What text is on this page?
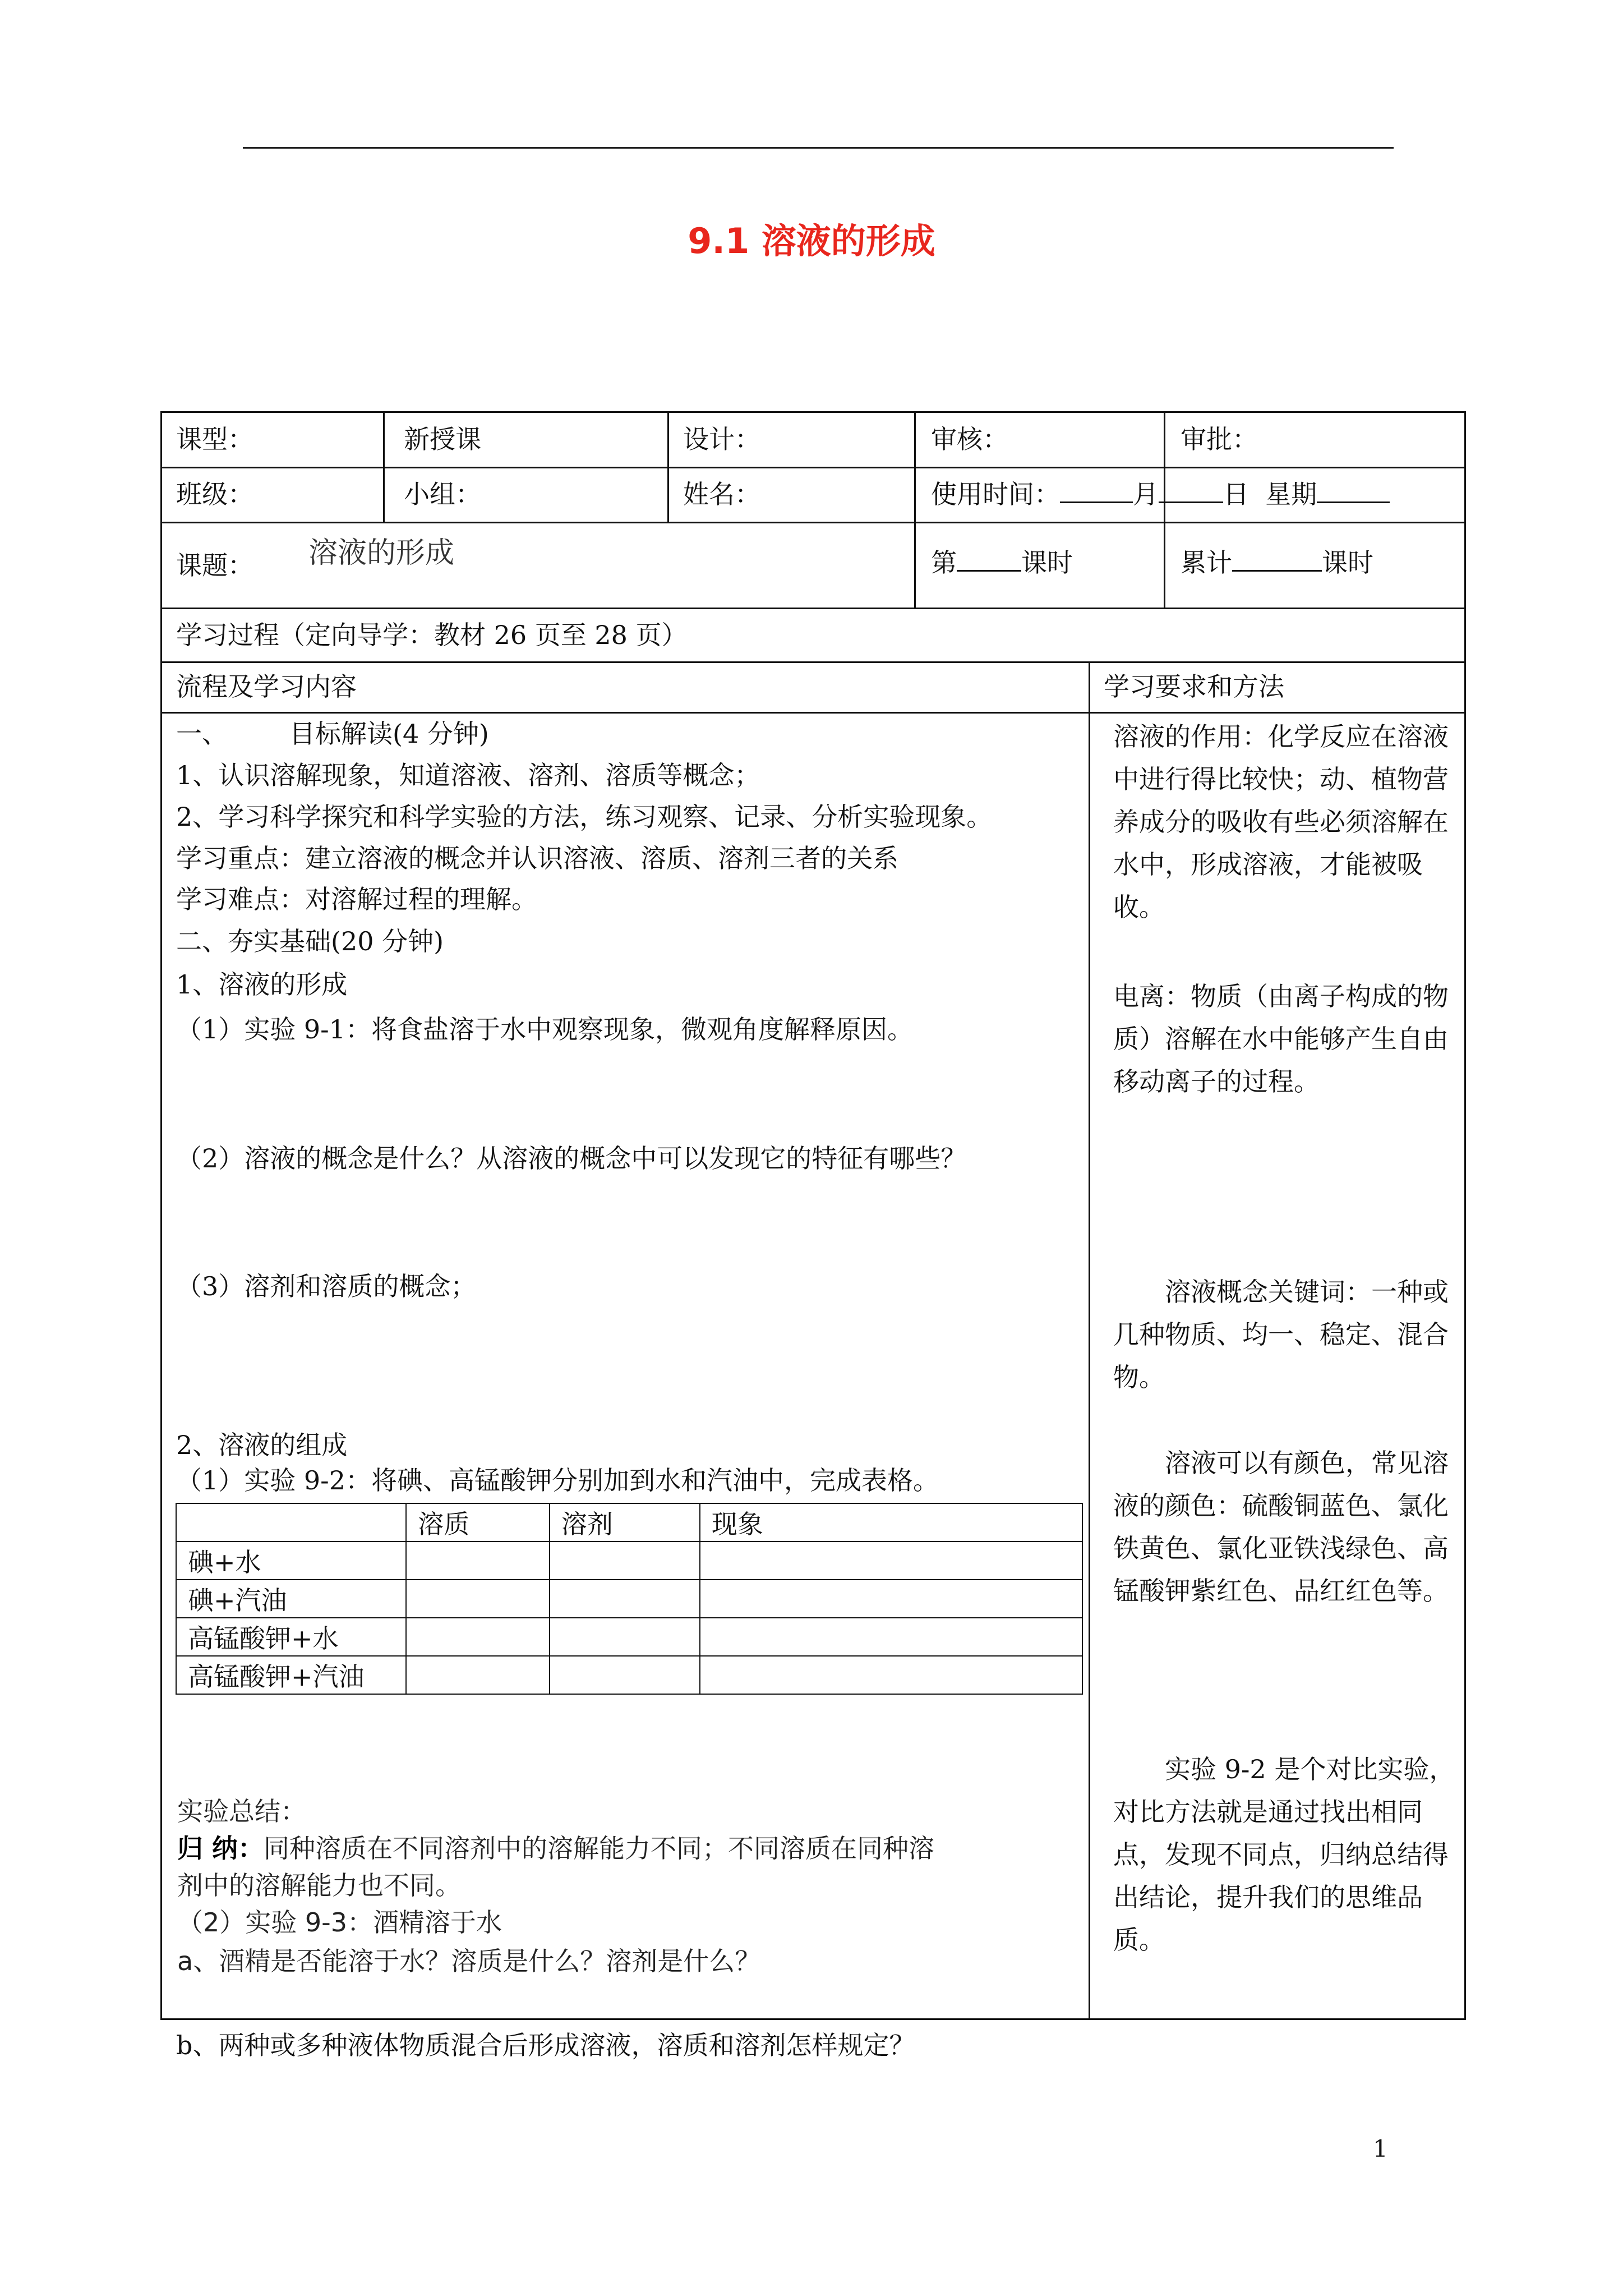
9.1 溶液的形成
课型：	新授课	设计：	审核：	审批：
班级：	小组：	姓名：	使用时间：	月	日 星期
课题： 溶液的形成	第	课时	累计	课时
学习过程（定向导学：教材 26 页至 28 页）
流程及学习内容	学习要求和方法
一、 目标解读(4 分钟)
1、认识溶解现象，知道溶液、溶剂、溶质等概念；
2、学习科学探究和科学实验的方法，练习观察、记录、分析实验现象。
学习重点：建立溶液的概念并认识溶液、溶质、溶剂三者的关系
学习难点：对溶解过程的理解。
二、夯实基础(20 分钟)
1、溶液的形成
（1）实验 9-1：将食盐溶于水中观察现象，微观角度解释原因。
（2）溶液的概念是什么？从溶液的概念中可以发现它的特征有哪些？
（3）溶剂和溶质的概念；
2、溶液的组成
（1）实验 9-2：将碘、高锰酸钾分别加到水和汽油中，完成表格。
	溶质	溶剂	现象
碘+水			
碘+汽油			
高锰酸钾+水			
高锰酸钾+汽油			
实验总结：
归 纳：同种溶质在不同溶剂中的溶解能力不同；不同溶质在同种溶
剂中的溶解能力也不同。
（2）实验 9-3：酒精溶于水
a、酒精是否能溶于水？溶质是什么？溶剂是什么？
b、两种或多种液体物质混合后形成溶液，溶质和溶剂怎样规定？
溶液的作用：化学反应在溶液中进行得比较快；动、植物营养成分的吸收有些必须溶解在水中，形成溶液，才能被吸收。
电离：物质（由离子构成的物质）溶解在水中能够产生自由移动离子的过程。
溶液概念关键词：一种或几种物质、均一、稳定、混合物。
溶液可以有颜色，常见溶液的颜色：硫酸铜蓝色、氯化铁黄色、氯化亚铁浅绿色、高锰酸钾紫红色、品红红色等。
实验 9-2 是个对比实验，对比方法就是通过找出相同点，发现不同点，归纳总结得出结论，提升我们的思维品质。
1
